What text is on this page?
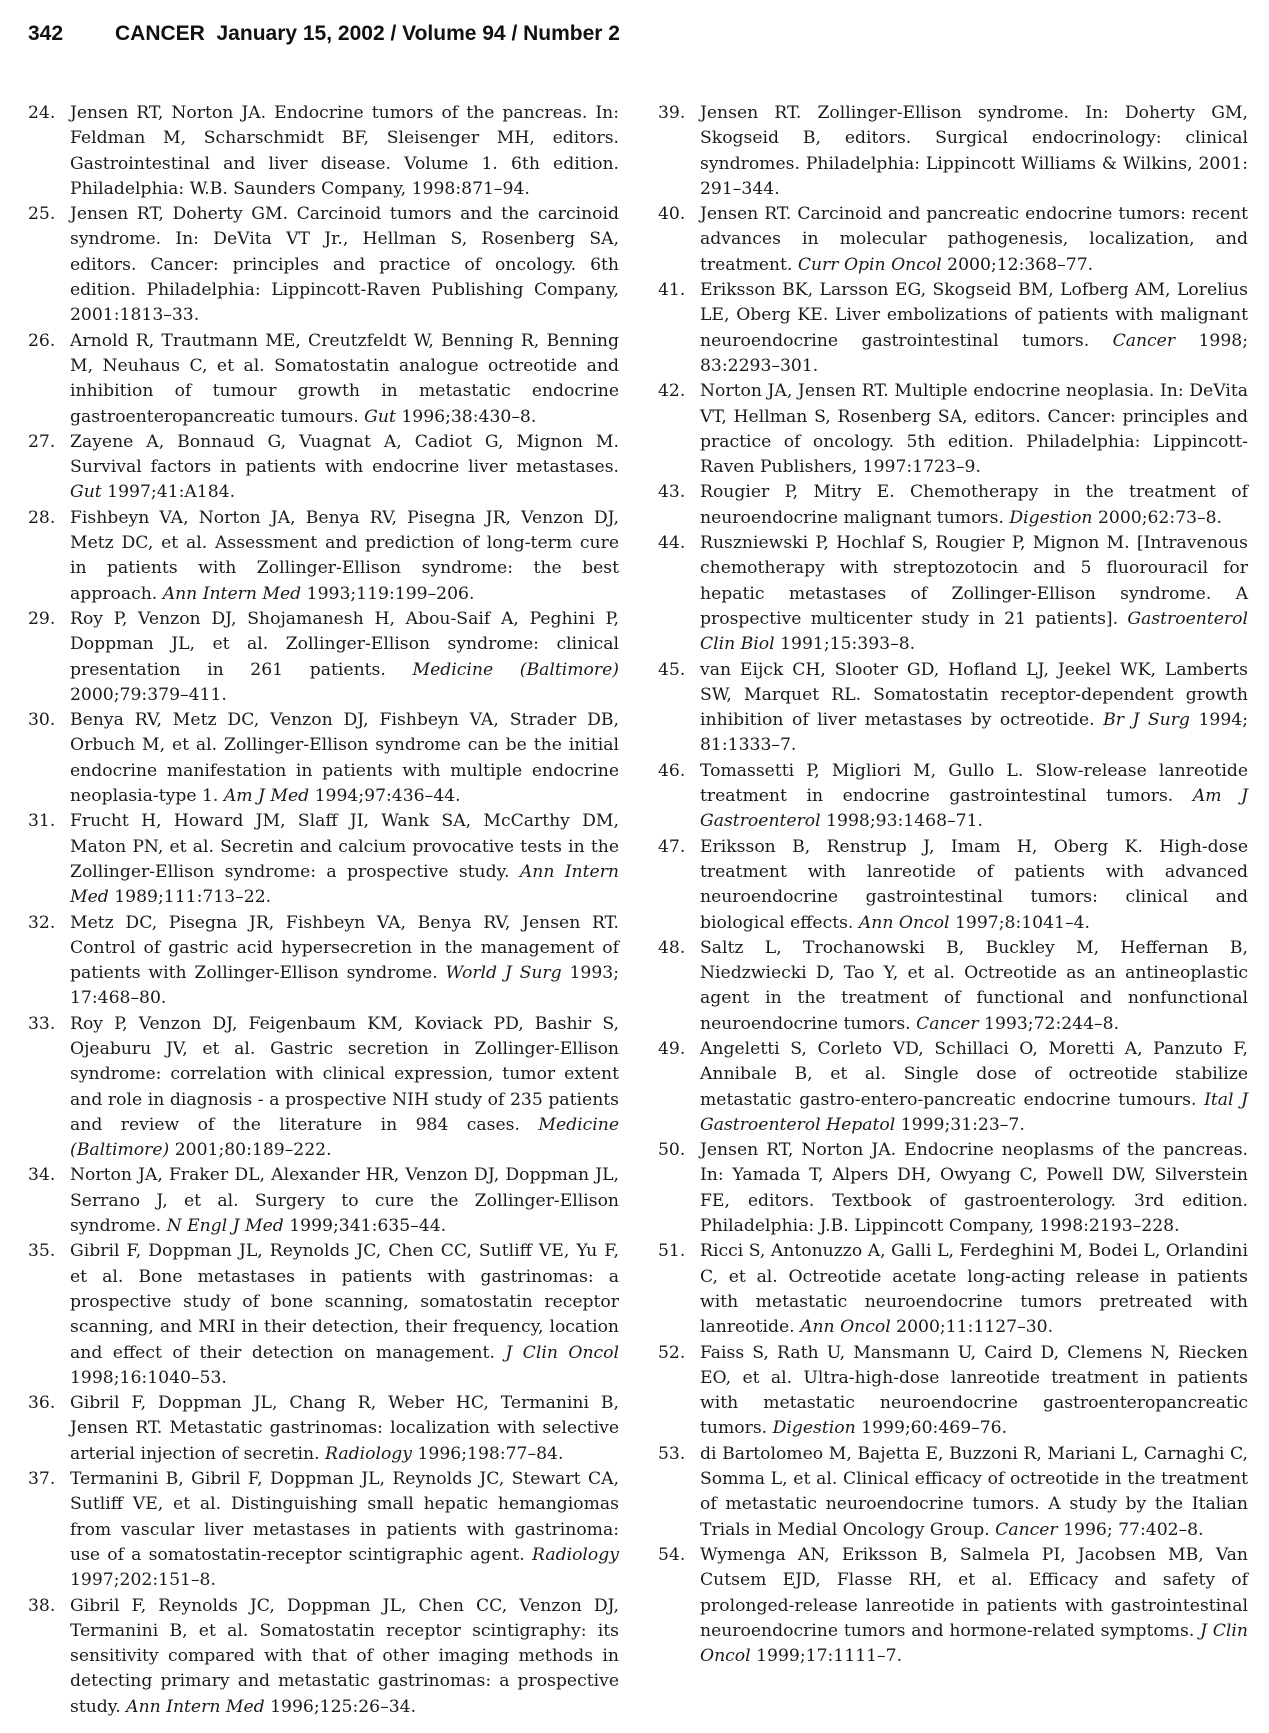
342 CANCER  January 15, 2002 / Volume 94 / Number 2

24. Jensen RT, Norton JA. Endocrine tumors of the pancreas. In: Feldman M, Scharschmidt BF, Sleisenger MH, editors. Gastrointestinal and liver disease. Volume 1. 6th edition. Philadelphia: W.B. Saunders Company, 1998:871–94.

25. Jensen RT, Doherty GM. Carcinoid tumors and the carcinoid syndrome. In: DeVita VT Jr., Hellman S, Rosenberg SA, editors. Cancer: principles and practice of oncology. 6th edition. Philadelphia: Lippincott-Raven Publishing Company, 2001:1813–33.

26. Arnold R, Trautmann ME, Creutzfeldt W, Benning R, Benning M, Neuhaus C, et al. Somatostatin analogue octreotide and inhibition of tumour growth in metastatic endocrine gastroenteropancreatic tumours. Gut 1996;38:430–8.

27. Zayene A, Bonnaud G, Vuagnat A, Cadiot G, Mignon M. Survival factors in patients with endocrine liver metastases. Gut 1997;41:A184.

28. Fishbeyn VA, Norton JA, Benya RV, Pisegna JR, Venzon DJ, Metz DC, et al. Assessment and prediction of long-term cure in patients with Zollinger-Ellison syndrome: the best approach. Ann Intern Med 1993;119:199–206.

29. Roy P, Venzon DJ, Shojamanesh H, Abou-Saif A, Peghini P, Doppman JL, et al. Zollinger-Ellison syndrome: clinical presentation in 261 patients. Medicine (Baltimore) 2000;79:379–411.

30. Benya RV, Metz DC, Venzon DJ, Fishbeyn VA, Strader DB, Orbuch M, et al. Zollinger-Ellison syndrome can be the initial endocrine manifestation in patients with multiple endocrine neoplasia-type 1. Am J Med 1994;97:436–44.

31. Frucht H, Howard JM, Slaff JI, Wank SA, McCarthy DM, Maton PN, et al. Secretin and calcium provocative tests in the Zollinger-Ellison syndrome: a prospective study. Ann Intern Med 1989;111:713–22.

32. Metz DC, Pisegna JR, Fishbeyn VA, Benya RV, Jensen RT. Control of gastric acid hypersecretion in the management of patients with Zollinger-Ellison syndrome. World J Surg 1993; 17:468–80.

33. Roy P, Venzon DJ, Feigenbaum KM, Koviack PD, Bashir S, Ojeaburu JV, et al. Gastric secretion in Zollinger-Ellison syndrome: correlation with clinical expression, tumor extent and role in diagnosis - a prospective NIH study of 235 patients and review of the literature in 984 cases. Medicine (Baltimore) 2001;80:189–222.

34. Norton JA, Fraker DL, Alexander HR, Venzon DJ, Doppman JL, Serrano J, et al. Surgery to cure the Zollinger-Ellison syndrome. N Engl J Med 1999;341:635–44.

35. Gibril F, Doppman JL, Reynolds JC, Chen CC, Sutliff VE, Yu F, et al. Bone metastases in patients with gastrinomas: a prospective study of bone scanning, somatostatin receptor scanning, and MRI in their detection, their frequency, location and effect of their detection on management. J Clin Oncol 1998;16:1040–53.

36. Gibril F, Doppman JL, Chang R, Weber HC, Termanini B, Jensen RT. Metastatic gastrinomas: localization with selective arterial injection of secretin. Radiology 1996;198:77–84.

37. Termanini B, Gibril F, Doppman JL, Reynolds JC, Stewart CA, Sutliff VE, et al. Distinguishing small hepatic hemangiomas from vascular liver metastases in patients with gastrinoma: use of a somatostatin-receptor scintigraphic agent. Radiology 1997;202:151–8.

38. Gibril F, Reynolds JC, Doppman JL, Chen CC, Venzon DJ, Termanini B, et al. Somatostatin receptor scintigraphy: its sensitivity compared with that of other imaging methods in detecting primary and metastatic gastrinomas: a prospective study. Ann Intern Med 1996;125:26–34.

39. Jensen RT. Zollinger-Ellison syndrome. In: Doherty GM, Skogseid B, editors. Surgical endocrinology: clinical syndromes. Philadelphia: Lippincott Williams & Wilkins, 2001: 291–344.

40. Jensen RT. Carcinoid and pancreatic endocrine tumors: recent advances in molecular pathogenesis, localization, and treatment. Curr Opin Oncol 2000;12:368–77.

41. Eriksson BK, Larsson EG, Skogseid BM, Lofberg AM, Lorelius LE, Oberg KE. Liver embolizations of patients with malignant neuroendocrine gastrointestinal tumors. Cancer 1998; 83:2293–301.

42. Norton JA, Jensen RT. Multiple endocrine neoplasia. In: DeVita VT, Hellman S, Rosenberg SA, editors. Cancer: principles and practice of oncology. 5th edition. Philadelphia: Lippincott-Raven Publishers, 1997:1723–9.

43. Rougier P, Mitry E. Chemotherapy in the treatment of neuroendocrine malignant tumors. Digestion 2000;62:73–8.

44. Ruszniewski P, Hochlaf S, Rougier P, Mignon M. [Intravenous chemotherapy with streptozotocin and 5 fluorouracil for hepatic metastases of Zollinger-Ellison syndrome. A prospective multicenter study in 21 patients]. Gastroenterol Clin Biol 1991;15:393–8.

45. van Eijck CH, Slooter GD, Hofland LJ, Jeekel WK, Lamberts SW, Marquet RL. Somatostatin receptor-dependent growth inhibition of liver metastases by octreotide. Br J Surg 1994; 81:1333–7.

46. Tomassetti P, Migliori M, Gullo L. Slow-release lanreotide treatment in endocrine gastrointestinal tumors. Am J Gastroenterol 1998;93:1468–71.

47. Eriksson B, Renstrup J, Imam H, Oberg K. High-dose treatment with lanreotide of patients with advanced neuroendocrine gastrointestinal tumors: clinical and biological effects. Ann Oncol 1997;8:1041–4.

48. Saltz L, Trochanowski B, Buckley M, Heffernan B, Niedzwiecki D, Tao Y, et al. Octreotide as an antineoplastic agent in the treatment of functional and nonfunctional neuroendocrine tumors. Cancer 1993;72:244–8.

49. Angeletti S, Corleto VD, Schillaci O, Moretti A, Panzuto F, Annibale B, et al. Single dose of octreotide stabilize metastatic gastro-entero-pancreatic endocrine tumours. Ital J Gastroenterol Hepatol 1999;31:23–7.

50. Jensen RT, Norton JA. Endocrine neoplasms of the pancreas. In: Yamada T, Alpers DH, Owyang C, Powell DW, Silverstein FE, editors. Textbook of gastroenterology. 3rd edition. Philadelphia: J.B. Lippincott Company, 1998:2193–228.

51. Ricci S, Antonuzzo A, Galli L, Ferdeghini M, Bodei L, Orlandini C, et al. Octreotide acetate long-acting release in patients with metastatic neuroendocrine tumors pretreated with lanreotide. Ann Oncol 2000;11:1127–30.

52. Faiss S, Rath U, Mansmann U, Caird D, Clemens N, Riecken EO, et al. Ultra-high-dose lanreotide treatment in patients with metastatic neuroendocrine gastroenteropancreatic tumors. Digestion 1999;60:469–76.

53. di Bartolomeo M, Bajetta E, Buzzoni R, Mariani L, Carnaghi C, Somma L, et al. Clinical efficacy of octreotide in the treatment of metastatic neuroendocrine tumors. A study by the Italian Trials in Medial Oncology Group. Cancer 1996; 77:402–8.

54. Wymenga AN, Eriksson B, Salmela PI, Jacobsen MB, Van Cutsem EJD, Flasse RH, et al. Efficacy and safety of prolonged-release lanreotide in patients with gastrointestinal neuroendocrine tumors and hormone-related symptoms. J Clin Oncol 1999;17:1111–7.
